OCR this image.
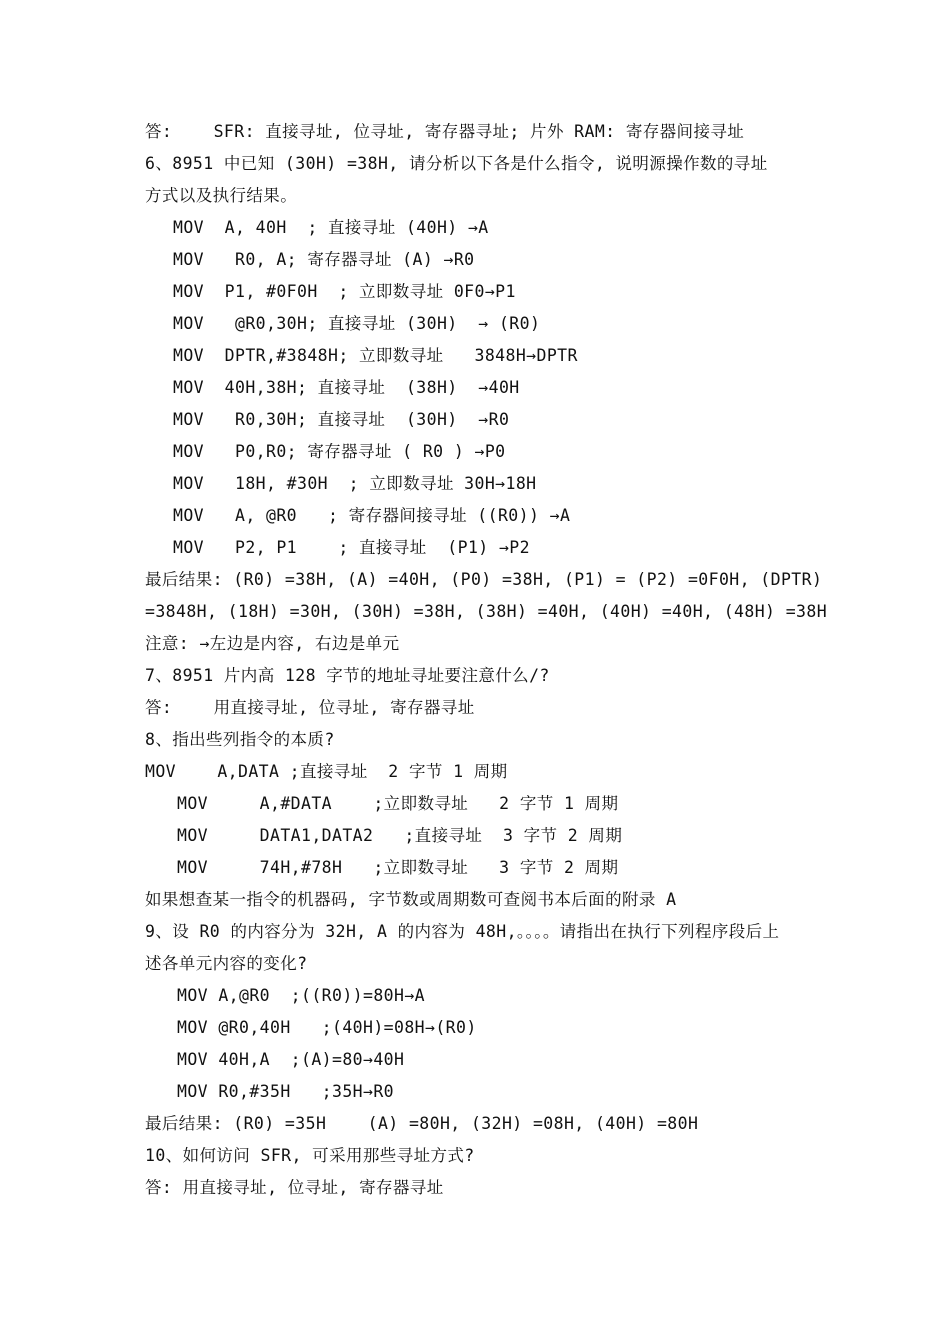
答:    SFR: 直接寻址, 位寻址, 寄存器寻址; 片外 RAM: 寄存器间接寻址
6、8951 中已知 (30H) =38H, 请分析以下各是什么指令, 说明源操作数的寻址
方式以及执行结果。
MOV  A, 40H  ; 直接寻址 (40H) →A
MOV   R0, A; 寄存器寻址 (A) →R0
MOV  P1, #0F0H  ; 立即数寻址 0F0→P1
MOV   @R0,30H; 直接寻址 (30H)  → (R0)
MOV  DPTR,#3848H; 立即数寻址   3848H→DPTR
MOV  40H,38H; 直接寻址  (38H)  →40H
MOV   R0,30H; 直接寻址  (30H)  →R0
MOV   P0,R0; 寄存器寻址 ( R0 ) →P0
MOV   18H, #30H  ; 立即数寻址 30H→18H
MOV   A, @R0   ; 寄存器间接寻址 ((R0)) →A
MOV   P2, P1    ; 直接寻址  (P1) →P2
最后结果: (R0) =38H, (A) =40H, (P0) =38H, (P1) = (P2) =0F0H, (DPTR)
=3848H, (18H) =30H, (30H) =38H, (38H) =40H, (40H) =40H, (48H) =38H
注意: →左边是内容, 右边是单元
7、8951 片内高 128 字节的地址寻址要注意什么/?
答:    用直接寻址, 位寻址, 寄存器寻址
8、指出些列指令的本质?
MOV    A,DATA ;直接寻址  2 字节 1 周期
MOV     A,#DATA    ;立即数寻址   2 字节 1 周期
MOV     DATA1,DATA2   ;直接寻址  3 字节 2 周期
MOV     74H,#78H   ;立即数寻址   3 字节 2 周期
如果想查某一指令的机器码, 字节数或周期数可查阅书本后面的附录 A
9、设 R0 的内容分为 32H, A 的内容为 48H,。。。。请指出在执行下列程序段后上
述各单元内容的变化?
MOV A,@R0  ;((R0))=80H→A
MOV @R0,40H   ;(40H)=08H→(R0)
MOV 40H,A  ;(A)=80→40H
MOV R0,#35H   ;35H→R0
最后结果: (R0) =35H    (A) =80H, (32H) =08H, (40H) =80H
10、如何访问 SFR, 可采用那些寻址方式?
答: 用直接寻址, 位寻址, 寄存器寻址
